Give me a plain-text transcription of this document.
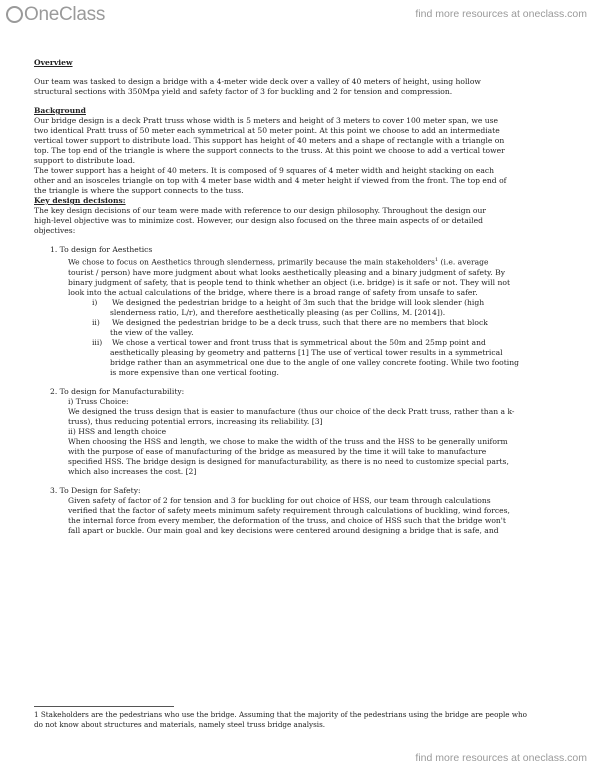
OneClass	find more resources at oneclass.com

Overview

Our team was tasked to design a bridge with a 4-meter wide deck over a valley of 40 meters of height, using hollow

structural sections with 350Mpa yield and safety factor of 3 for buckling and 2 for tension and compression.

Background

Our bridge design is a deck Pratt truss whose width is 5 meters and height of 3 meters to cover 100 meter span, we use

two identical Pratt truss of 50 meter each symmetrical at 50 meter point. At this point we choose to add an intermediate

vertical tower support to distribute load. This support has height of 40 meters and a shape of rectangle with a triangle on

top. The top end of the triangle is where the support connects to the truss. At this point we choose to add a vertical tower

support to distribute load.

The tower support has a height of 40 meters. It is composed of 9 squares of 4 meter width and height stacking on each

other and an isosceles triangle on top with 4 meter base width and 4 meter height if viewed from the front. The top end of

the triangle is where the support connects to the tuss.

Key design decisions:

The key design decisions of our team were made with reference to our design philosophy. Throughout the design our

high-level objective was to minimize cost. However, our design also focused on the three main aspects of or detailed

objectives:

1. To design for Aesthetics

We chose to focus on Aesthetics through slenderness, primarily because the main stakeholders$^1$ (i.e. average

tourist / person) have more judgment about what looks aesthetically pleasing and a binary judgment of safety. By

binary judgment of safety, that is people tend to think whether an object (i.e. bridge) is it safe or not. They will not

look into the actual calculations of the bridge, where there is a broad range of safety from unsafe to safer.

i) We designed the pedestrian bridge to a height of 3m such that the bridge will look slender (high

slenderness ratio, L/r), and therefore aesthetically pleasing (as per Collins, M. [2014]).

ii) We designed the pedestrian bridge to be a deck truss, such that there are no members that block

the view of the valley.

iii) We chose a vertical tower and front truss that is symmetrical about the 50m and 25mp point and

aesthetically pleasing by geometry and patterns [1] The use of vertical tower results in a symmetrical

bridge rather than an asymmetrical one due to the angle of one valley concrete footing. While two footing

is more expensive than one vertical footing.

2. To design for Manufacturability:

i) Truss Choice:

We designed the truss design that is easier to manufacture (thus our choice of the deck Pratt truss, rather than a k-

truss), thus reducing potential errors, increasing its reliability. [3]

ii) HSS and length choice

When choosing the HSS and length, we chose to make the width of the truss and the HSS to be generally uniform

with the purpose of ease of manufacturing of the bridge as measured by the time it will take to manufacture

specified HSS. The bridge design is designed for manufacturability, as there is no need to customize special parts,

which also increases the cost. [2]

3. To Design for Safety:

Given safety of factor of 2 for tension and 3 for buckling for out choice of HSS, our team through calculations

verified that the factor of safety meets minimum safety requirement through calculations of buckling, wind forces,

the internal force from every member, the deformation of the truss, and choice of HSS such that the bridge won't

fall apart or buckle. Our main goal and key decisions were centered around designing a bridge that is safe, and

1 Stakeholders are the pedestrians who use the bridge. Assuming that the majority of the pedestrians using the bridge are people who

do not know about structures and materials, namely steel truss bridge analysis.

find more resources at oneclass.com
